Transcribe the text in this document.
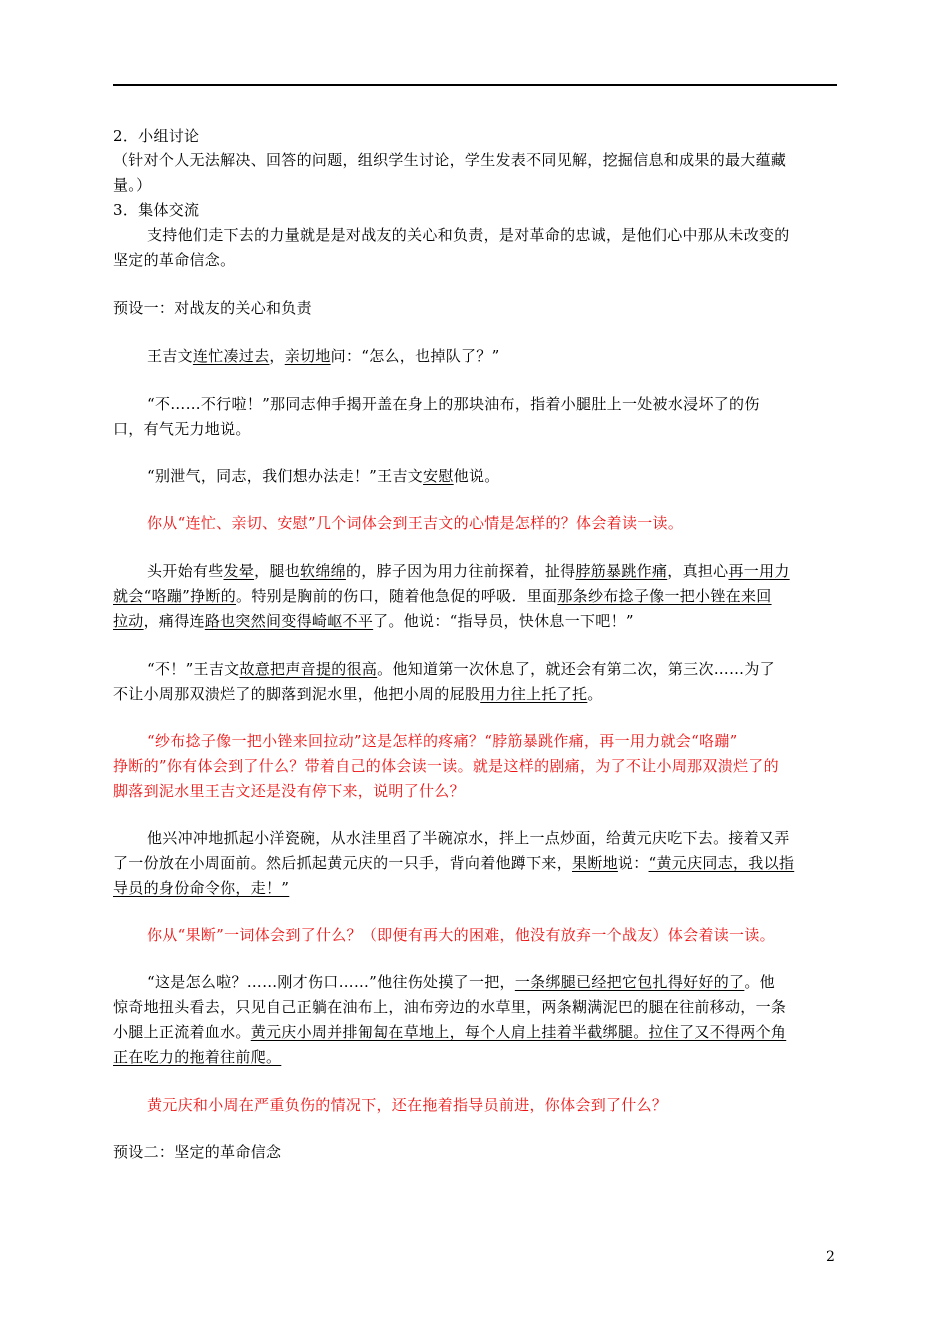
2．小组讨论
（针对个人无法解决、回答的问题，组织学生讨论，学生发表不同见解，挖掘信息和成果的最大蕴藏
量。）
3．集体交流
支持他们走下去的力量就是是对战友的关心和负责，是对革命的忠诚，是他们心中那从未改变的
坚定的革命信念。
预设一：对战友的关心和负责
王吉文连忙凑过去，亲切地问：“怎么，也掉队了？”
“不……不行啦！”那同志伸手揭开盖在身上的那块油布，指着小腿肚上一处被水浸坏了的伤
口，有气无力地说。
“别泄气，同志，我们想办法走！”王吉文安慰他说。
你从“连忙、亲切、安慰”几个词体会到王吉文的心情是怎样的？体会着读一读。
头开始有些发晕，腿也软绵绵的，脖子因为用力往前探着，扯得脖筋暴跳作痛，真担心再一用力
就会“咯蹦”挣断的。特别是胸前的伤口，随着他急促的呼吸．里面那条纱布捻子像一把小锉在来回
拉动，痛得连路也突然间变得崎岖不平了。他说：“指导员，快休息一下吧！”
“不！”王吉文故意把声音提的很高。他知道第一次休息了，就还会有第二次，第三次……为了
不让小周那双溃烂了的脚落到泥水里，他把小周的屁股用力往上托了托。
“纱布捻子像一把小锉来回拉动”这是怎样的疼痛？“脖筋暴跳作痛，再一用力就会“咯蹦”
挣断的”你有体会到了什么？带着自己的体会读一读。就是这样的剧痛，为了不让小周那双溃烂了的
脚落到泥水里王吉文还是没有停下来，说明了什么？
他兴冲冲地抓起小洋瓷碗，从水洼里舀了半碗凉水，拌上一点炒面，给黄元庆吃下去。接着又弄
了一份放在小周面前。然后抓起黄元庆的一只手，背向着他蹲下来，果断地说：“黄元庆同志，我以指
导员的身份命令你，走！”
你从“果断”一词体会到了什么？（即便有再大的困难，他没有放弃一个战友）体会着读一读。
“这是怎么啦？……刚才伤口……”他往伤处摸了一把，一条绑腿已经把它包扎得好好的了。他
惊奇地扭头看去，只见自己正躺在油布上，油布旁边的水草里，两条糊满泥巴的腿在往前移动，一条
小腿上正流着血水。黄元庆小周并排匍匐在草地上，每个人肩上挂着半截绑腿。拉住了又不得两个角
正在吃力的拖着往前爬。
黄元庆和小周在严重负伤的情况下，还在拖着指导员前进，你体会到了什么？
预设二：坚定的革命信念
2
